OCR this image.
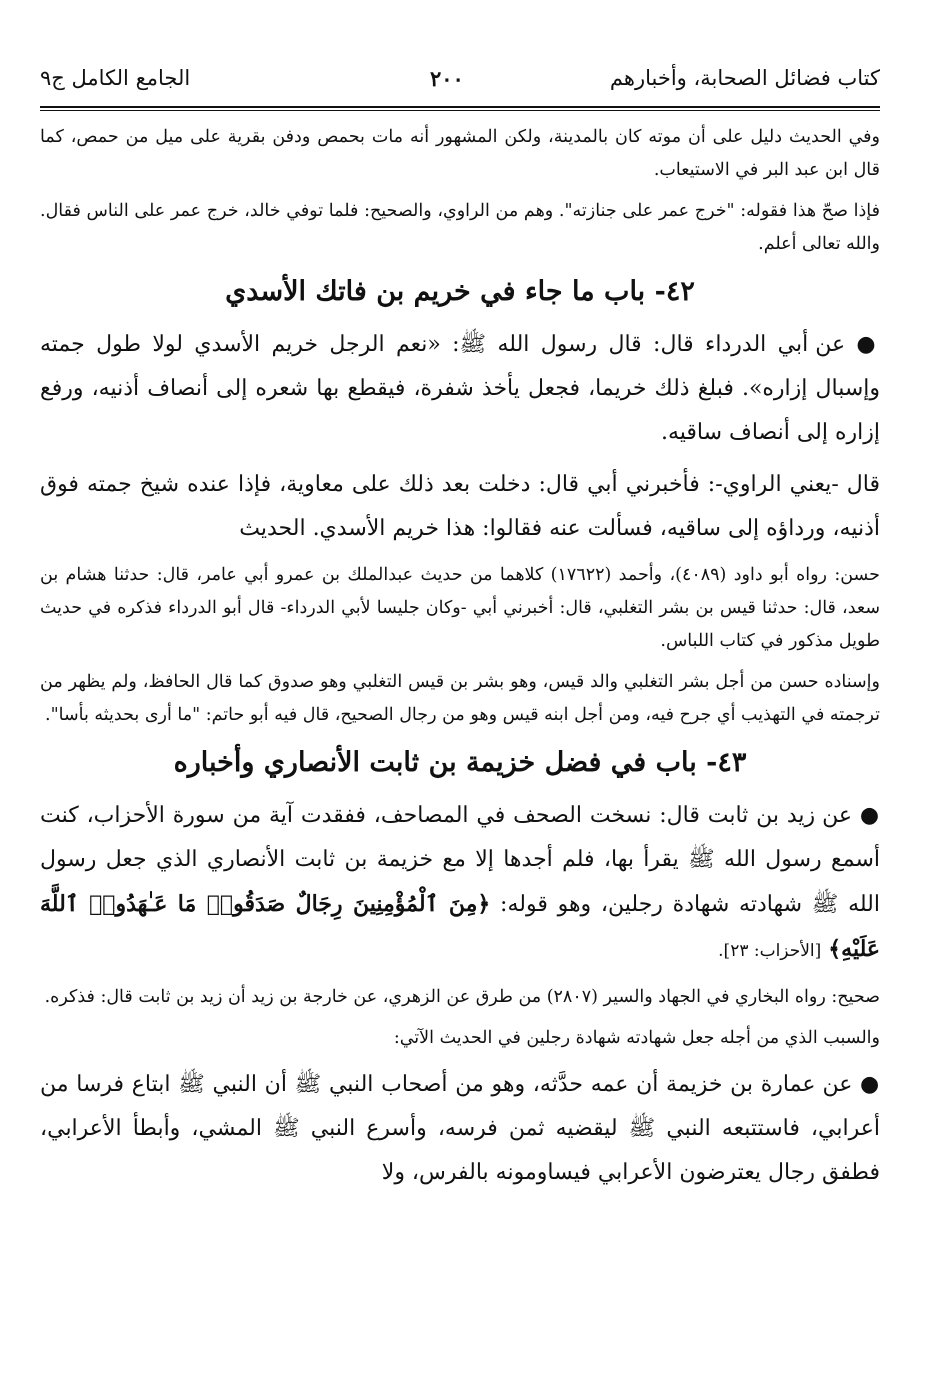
كتاب فضائل الصحابة، وأخبارهم
٢٠٠
الجامع الكامل ج٩

وفي الحديث دليل على أن موته كان بالمدينة، ولكن المشهور أنه مات بحمص ودفن بقرية على ميل من حمص، كما قال ابن عبد البر في الاستيعاب.

فإذا صحّ هذا فقوله: "خرج عمر على جنازته". وهم من الراوي، والصحيح: فلما توفي خالد، خرج عمر على الناس فقال. والله تعالى أعلم.

٤٢- باب ما جاء في خريم بن فاتك الأسدي

● عن أبي الدرداء قال: قال رسول الله ﷺ: «نعم الرجل خريم الأسدي لولا طول جمته وإسبال إزاره». فبلغ ذلك خريما، فجعل يأخذ شفرة، فيقطع بها شعره إلى أنصاف أذنيه، ورفع إزاره إلى أنصاف ساقيه.

قال -يعني الراوي-: فأخبرني أبي قال: دخلت بعد ذلك على معاوية، فإذا عنده شيخ جمته فوق أذنيه، ورداؤه إلى ساقيه، فسألت عنه فقالوا: هذا خريم الأسدي. الحديث

حسن: رواه أبو داود (٤٠٨٩)، وأحمد (١٧٦٢٢) كلاهما من حديث عبدالملك بن عمرو أبي عامر، قال: حدثنا هشام بن سعد، قال: حدثنا قيس بن بشر التغلبي، قال: أخبرني أبي -وكان جليسا لأبي الدرداء- قال أبو الدرداء فذكره في حديث طويل مذكور في كتاب اللباس.

وإسناده حسن من أجل بشر التغلبي والد قيس، وهو بشر بن قيس التغلبي وهو صدوق كما قال الحافظ، ولم يظهر من ترجمته في التهذيب أي جرح فيه، ومن أجل ابنه قيس وهو من رجال الصحيح، قال فيه أبو حاتم: "ما أرى بحديثه بأسا".

٤٣- باب في فضل خزيمة بن ثابت الأنصاري وأخباره

● عن زيد بن ثابت قال: نسخت الصحف في المصاحف، ففقدت آية من سورة الأحزاب، كنت أسمع رسول الله ﷺ يقرأ بها، فلم أجدها إلا مع خزيمة بن ثابت الأنصاري الذي جعل رسول الله ﷺ شهادته شهادة رجلين، وهو قوله: ﴿مِنَ ٱلْمُؤْمِنِينَ رِجَالٌ صَدَقُوا۟ مَا عَـٰهَدُوا۟ ٱللَّهَ عَلَيْهِ﴾ [الأحزاب: ٢٣].

صحيح: رواه البخاري في الجهاد والسير (٢٨٠٧) من طرق عن الزهري، عن خارجة بن زيد أن زيد بن ثابت قال: فذكره.

والسبب الذي من أجله جعل شهادته شهادة رجلين في الحديث الآتي:

● عن عمارة بن خزيمة أن عمه حدَّثه، وهو من أصحاب النبي ﷺ أن النبي ﷺ ابتاع فرسا من أعرابي، فاستتبعه النبي ﷺ ليقضيه ثمن فرسه، وأسرع النبي ﷺ المشي، وأبطأ الأعرابي، فطفق رجال يعترضون الأعرابي فيساومونه بالفرس، ولا
